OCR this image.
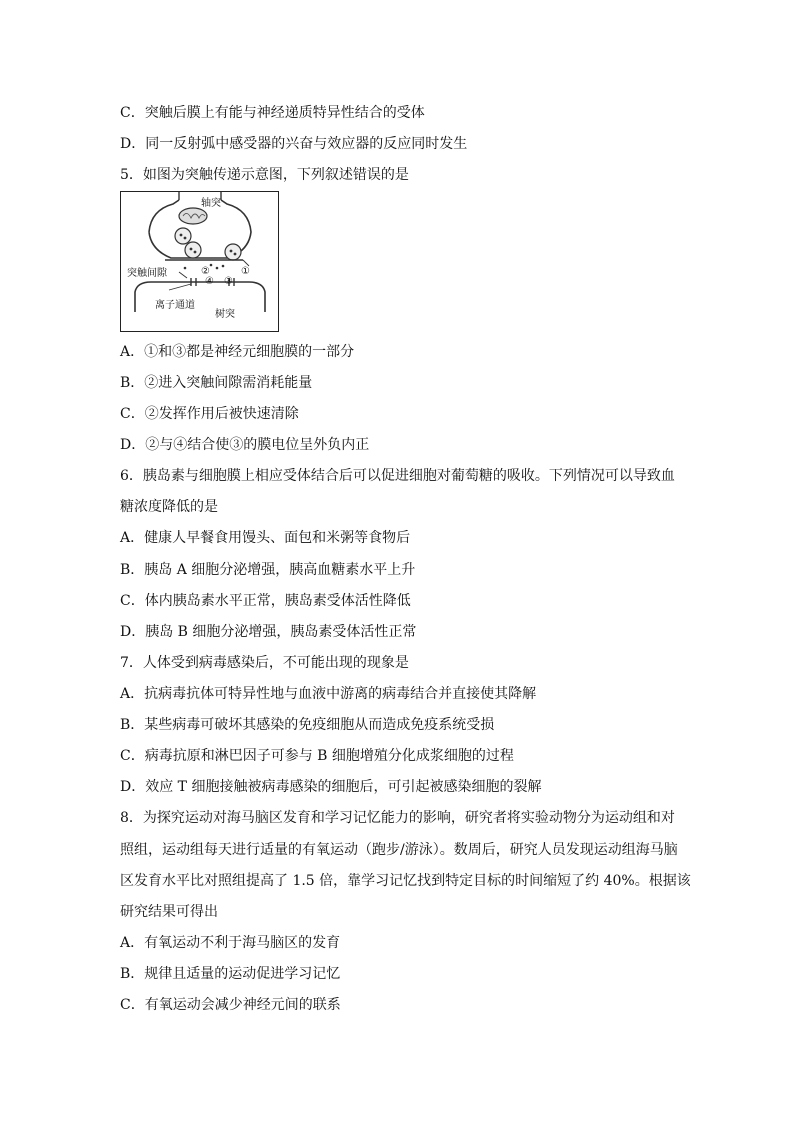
C．突触后膜上有能与神经递质特异性结合的受体
D．同一反射弧中感受器的兴奋与效应器的反应同时发生
5．如图为突触传递示意图，下列叙述错误的是
轴突
突触间隙	①
②
③
④
离子通道
树突
A．①和③都是神经元细胞膜的一部分
B．②进入突触间隙需消耗能量
C．②发挥作用后被快速清除
D．②与④结合使③的膜电位呈外负内正
6．胰岛素与细胞膜上相应受体结合后可以促进细胞对葡萄糖的吸收。下列情况可以导致血
糖浓度降低的是
A．健康人早餐食用馒头、面包和米粥等食物后
B．胰岛 A 细胞分泌增强，胰高血糖素水平上升
C．体内胰岛素水平正常，胰岛素受体活性降低
D．胰岛 B 细胞分泌增强，胰岛素受体活性正常
7．人体受到病毒感染后，不可能出现的现象是
A．抗病毒抗体可特异性地与血液中游离的病毒结合并直接使其降解
B．某些病毒可破坏其感染的免疫细胞从而造成免疫系统受损
C．病毒抗原和淋巴因子可参与 B 细胞增殖分化成浆细胞的过程
D．效应 T 细胞接触被病毒感染的细胞后，可引起被感染细胞的裂解
8．为探究运动对海马脑区发育和学习记忆能力的影响，研究者将实验动物分为运动组和对
照组，运动组每天进行适量的有氧运动（跑步/游泳）。数周后，研究人员发现运动组海马脑
区发育水平比对照组提高了 1.5 倍，靠学习记忆找到特定目标的时间缩短了约 40%。根据该
研究结果可得出
A．有氧运动不利于海马脑区的发育
B．规律且适量的运动促进学习记忆
C．有氧运动会减少神经元间的联系
